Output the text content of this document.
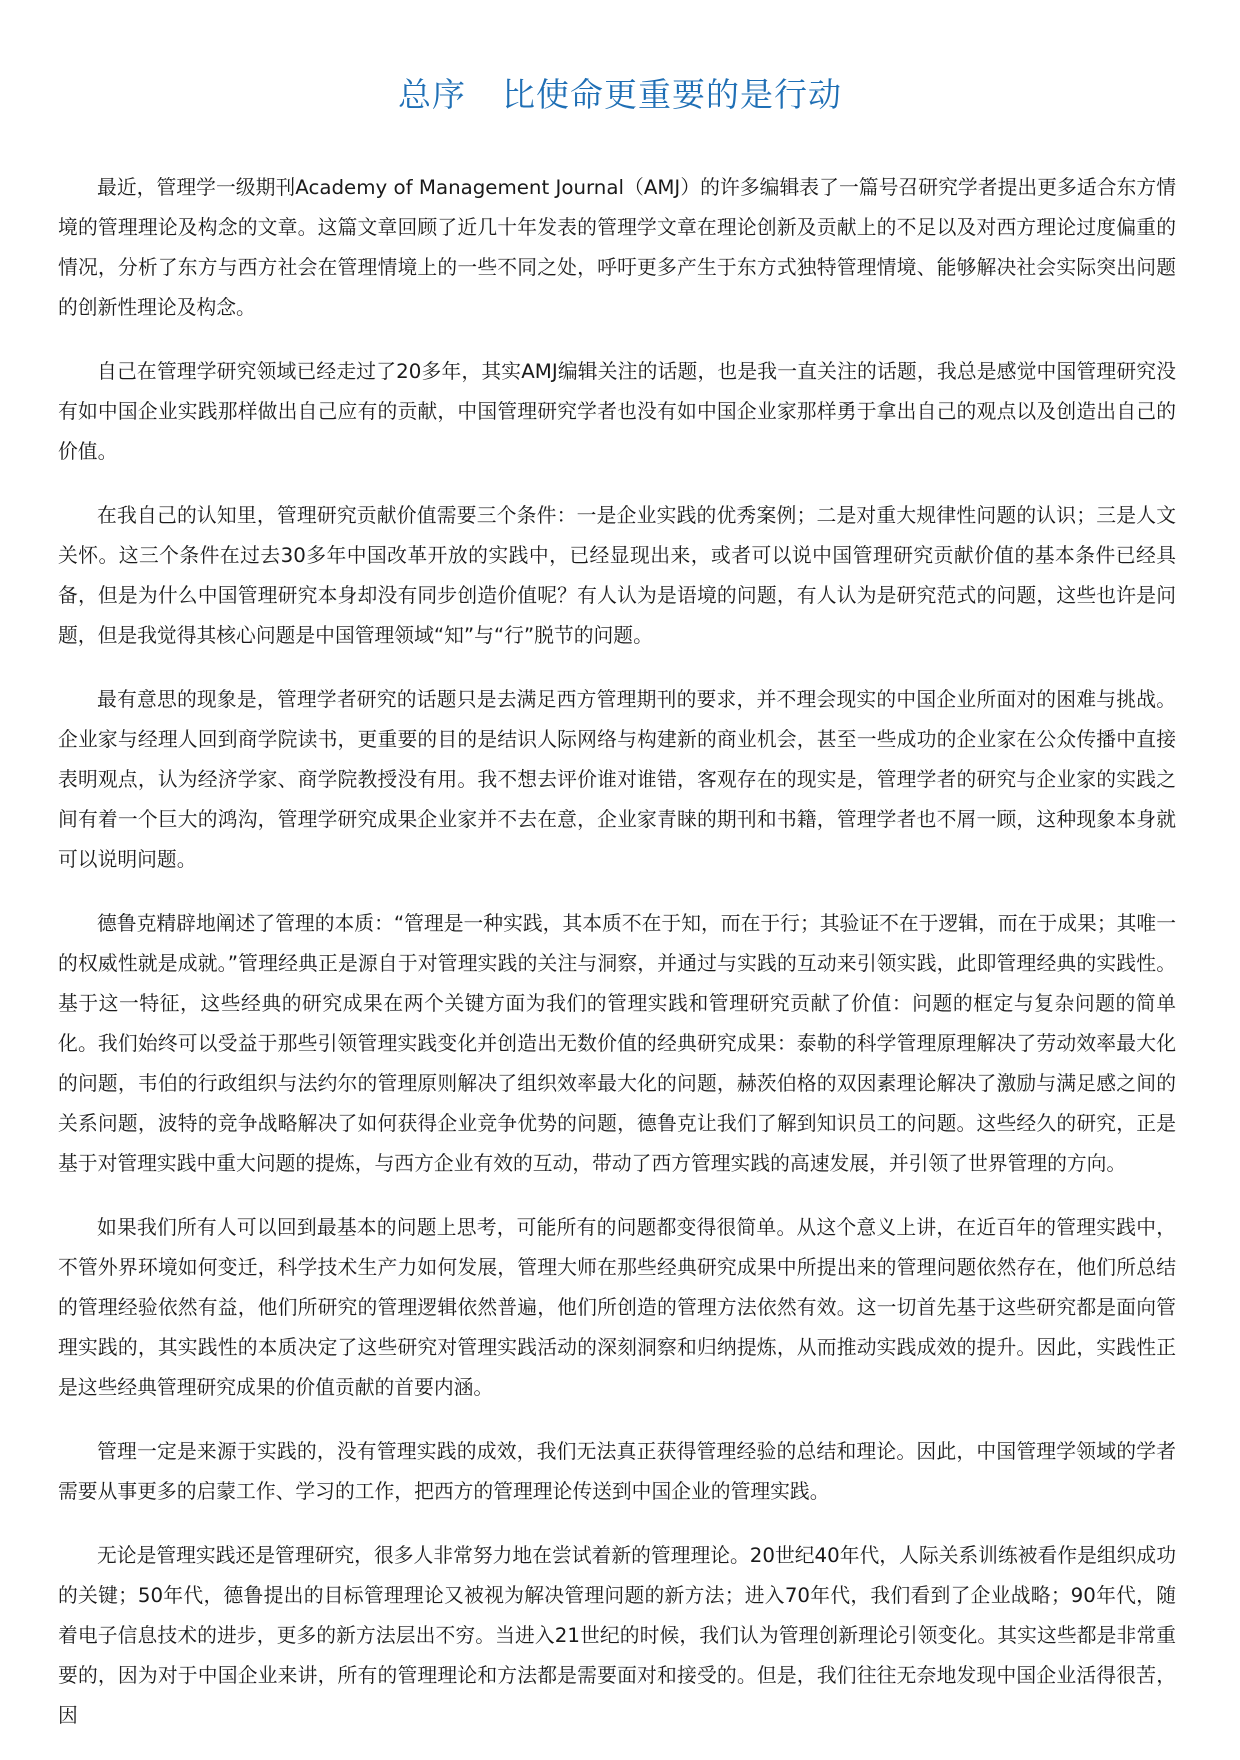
总序 比使命更重要的是行动

最近，管理学一级期刊Academy of Management Journal（AMJ）的许多编辑表了一篇号召研究学者提出更多适合东方情境的管理理论及构念的文章。这篇文章回顾了近几十年发表的管理学文章在理论创新及贡献上的不足以及对西方理论过度偏重的情况，分析了东方与西方社会在管理情境上的一些不同之处，呼吁更多产生于东方式独特管理情境、能够解决社会实际突出问题的创新性理论及构念。

自己在管理学研究领域已经走过了20多年，其实AMJ编辑关注的话题，也是我一直关注的话题，我总是感觉中国管理研究没有如中国企业实践那样做出自己应有的贡献，中国管理研究学者也没有如中国企业家那样勇于拿出自己的观点以及创造出自己的价值。

在我自己的认知里，管理研究贡献价值需要三个条件：一是企业实践的优秀案例；二是对重大规律性问题的认识；三是人文关怀。这三个条件在过去30多年中国改革开放的实践中，已经显现出来，或者可以说中国管理研究贡献价值的基本条件已经具备，但是为什么中国管理研究本身却没有同步创造价值呢？有人认为是语境的问题，有人认为是研究范式的问题，这些也许是问题，但是我觉得其核心问题是中国管理领域“知”与“行”脱节的问题。

最有意思的现象是，管理学者研究的话题只是去满足西方管理期刊的要求，并不理会现实的中国企业所面对的困难与挑战。企业家与经理人回到商学院读书，更重要的目的是结识人际网络与构建新的商业机会，甚至一些成功的企业家在公众传播中直接表明观点，认为经济学家、商学院教授没有用。我不想去评价谁对谁错，客观存在的现实是，管理学者的研究与企业家的实践之间有着一个巨大的鸿沟，管理学研究成果企业家并不去在意，企业家青睐的期刊和书籍，管理学者也不屑一顾，这种现象本身就可以说明问题。

德鲁克精辟地阐述了管理的本质：“管理是一种实践，其本质不在于知，而在于行；其验证不在于逻辑，而在于成果；其唯一的权威性就是成就。”管理经典正是源自于对管理实践的关注与洞察，并通过与实践的互动来引领实践，此即管理经典的实践性。基于这一特征，这些经典的研究成果在两个关键方面为我们的管理实践和管理研究贡献了价值：问题的框定与复杂问题的简单化。我们始终可以受益于那些引领管理实践变化并创造出无数价值的经典研究成果：泰勒的科学管理原理解决了劳动效率最大化的问题，韦伯的行政组织与法约尔的管理原则解决了组织效率最大化的问题，赫茨伯格的双因素理论解决了激励与满足感之间的关系问题，波特的竞争战略解决了如何获得企业竞争优势的问题，德鲁克让我们了解到知识员工的问题。这些经久的研究，正是基于对管理实践中重大问题的提炼，与西方企业有效的互动，带动了西方管理实践的高速发展，并引领了世界管理的方向。

如果我们所有人可以回到最基本的问题上思考，可能所有的问题都变得很简单。从这个意义上讲，在近百年的管理实践中，不管外界环境如何变迁，科学技术生产力如何发展，管理大师在那些经典研究成果中所提出来的管理问题依然存在，他们所总结的管理经验依然有益，他们所研究的管理逻辑依然普遍，他们所创造的管理方法依然有效。这一切首先基于这些研究都是面向管理实践的，其实践性的本质决定了这些研究对管理实践活动的深刻洞察和归纳提炼，从而推动实践成效的提升。因此，实践性正是这些经典管理研究成果的价值贡献的首要内涵。

管理一定是来源于实践的，没有管理实践的成效，我们无法真正获得管理经验的总结和理论。因此，中国管理学领域的学者需要从事更多的启蒙工作、学习的工作，把西方的管理理论传送到中国企业的管理实践。

无论是管理实践还是管理研究，很多人非常努力地在尝试着新的管理理论。20世纪40年代，人际关系训练被看作是组织成功的关键；50年代，德鲁提出的目标管理理论又被视为解决管理问题的新方法；进入70年代，我们看到了企业战略；90年代，随着电子信息技术的进步，更多的新方法层出不穷。当进入21世纪的时候，我们认为管理创新理论引领变化。其实这些都是非常重要的，因为对于中国企业来讲，所有的管理理论和方法都是需要面对和接受的。但是，我们往往无奈地发现中国企业活得很苦，因
